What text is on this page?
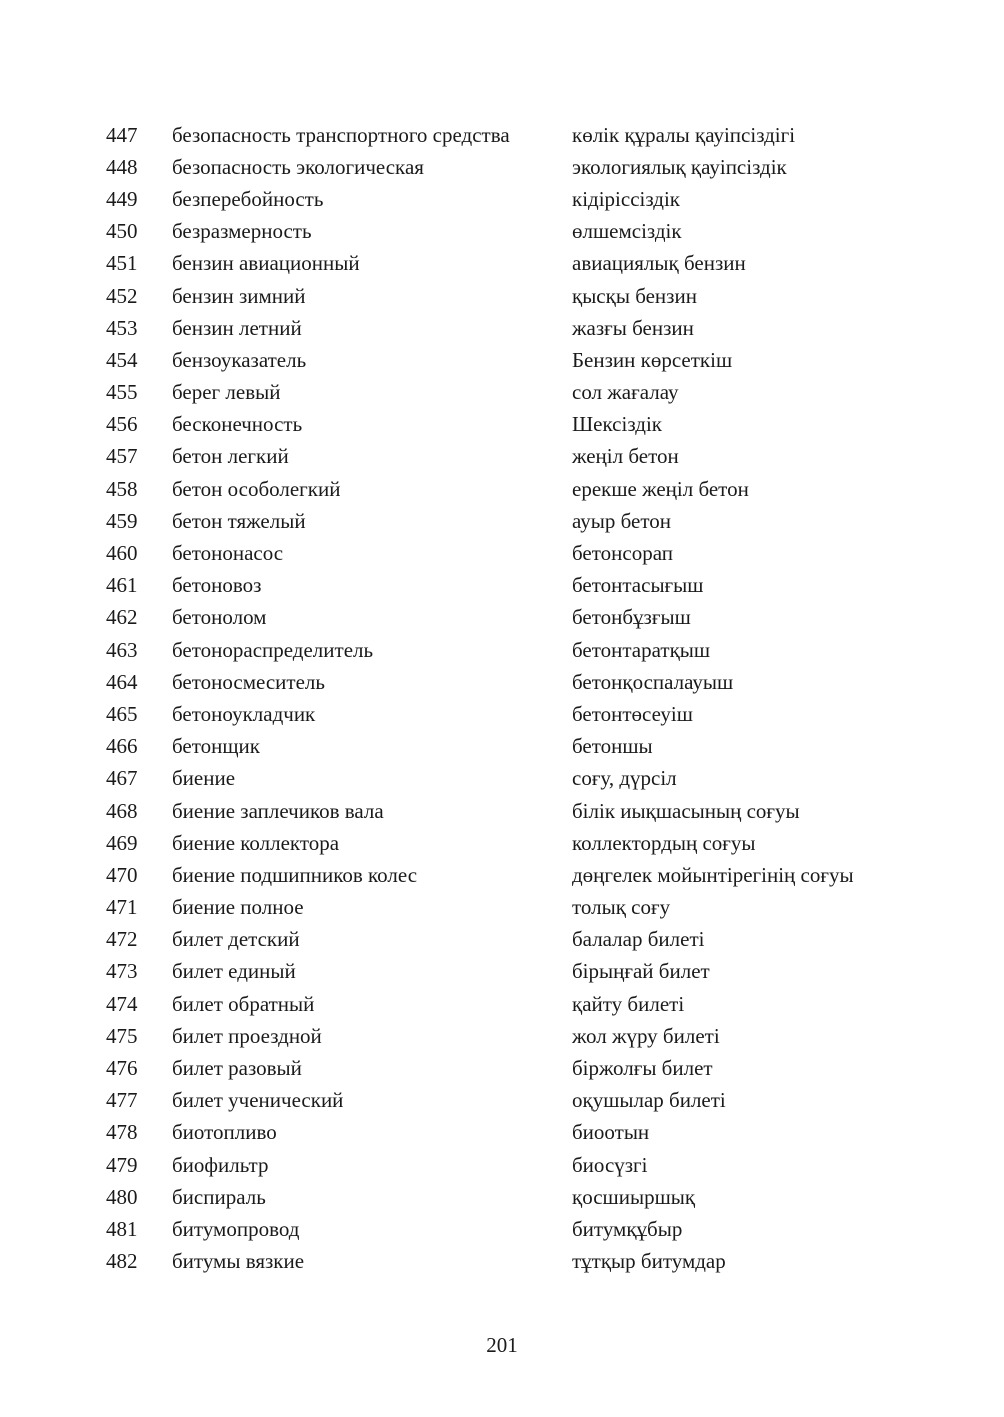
447	безопасность транспортного средства	көлік құралы қауіпсіздігі
448	безопасность экологическая	экологиялық қауіпсіздік
449	безперебойность	кідіріссіздік
450	безразмерность	өлшемсіздік
451	бензин авиационный	авиациялық бензин
452	бензин зимний	қысқы бензин
453	бензин летний	жазғы бензин
454	бензоуказатель	Бензин көрсеткіш
455	берег левый	сол жағалау
456	бесконечность	Шексіздік
457	бетон легкий	жеңіл бетон
458	бетон особолегкий	ерекше жеңіл бетон
459	бетон тяжелый	ауыр бетон
460	бетононасос	бетонсорап
461	бетоновоз	бетонтасығыш
462	бетонолом	бетонбұзғыш
463	бетонораспределитель	бетонтаратқыш
464	бетоносмеситель	бетонқоспалауыш
465	бетоноукладчик	бетонтөсеуіш
466	бетонщик	бетоншы
467	биение	соғу, дүрсіл
468	биение заплечиков вала	білік иықшасының соғуы
469	биение коллектора	коллектордың соғуы
470	биение подшипников колес	дөңгелек мойынтірегінің соғуы
471	биение полное	толық соғу
472	билет детский	балалар билеті
473	билет единый	бірыңғай билет
474	билет обратный	қайту билеті
475	билет проездной	жол жүру билеті
476	билет разовый	біржолғы билет
477	билет ученический	оқушылар билеті
478	биотопливо	биоотын
479	биофильтр	биосүзгі
480	биспираль	қосшиыршық
481	битумопровод	битумқұбыр
482	битумы вязкие	тұтқыр битумдар
201
